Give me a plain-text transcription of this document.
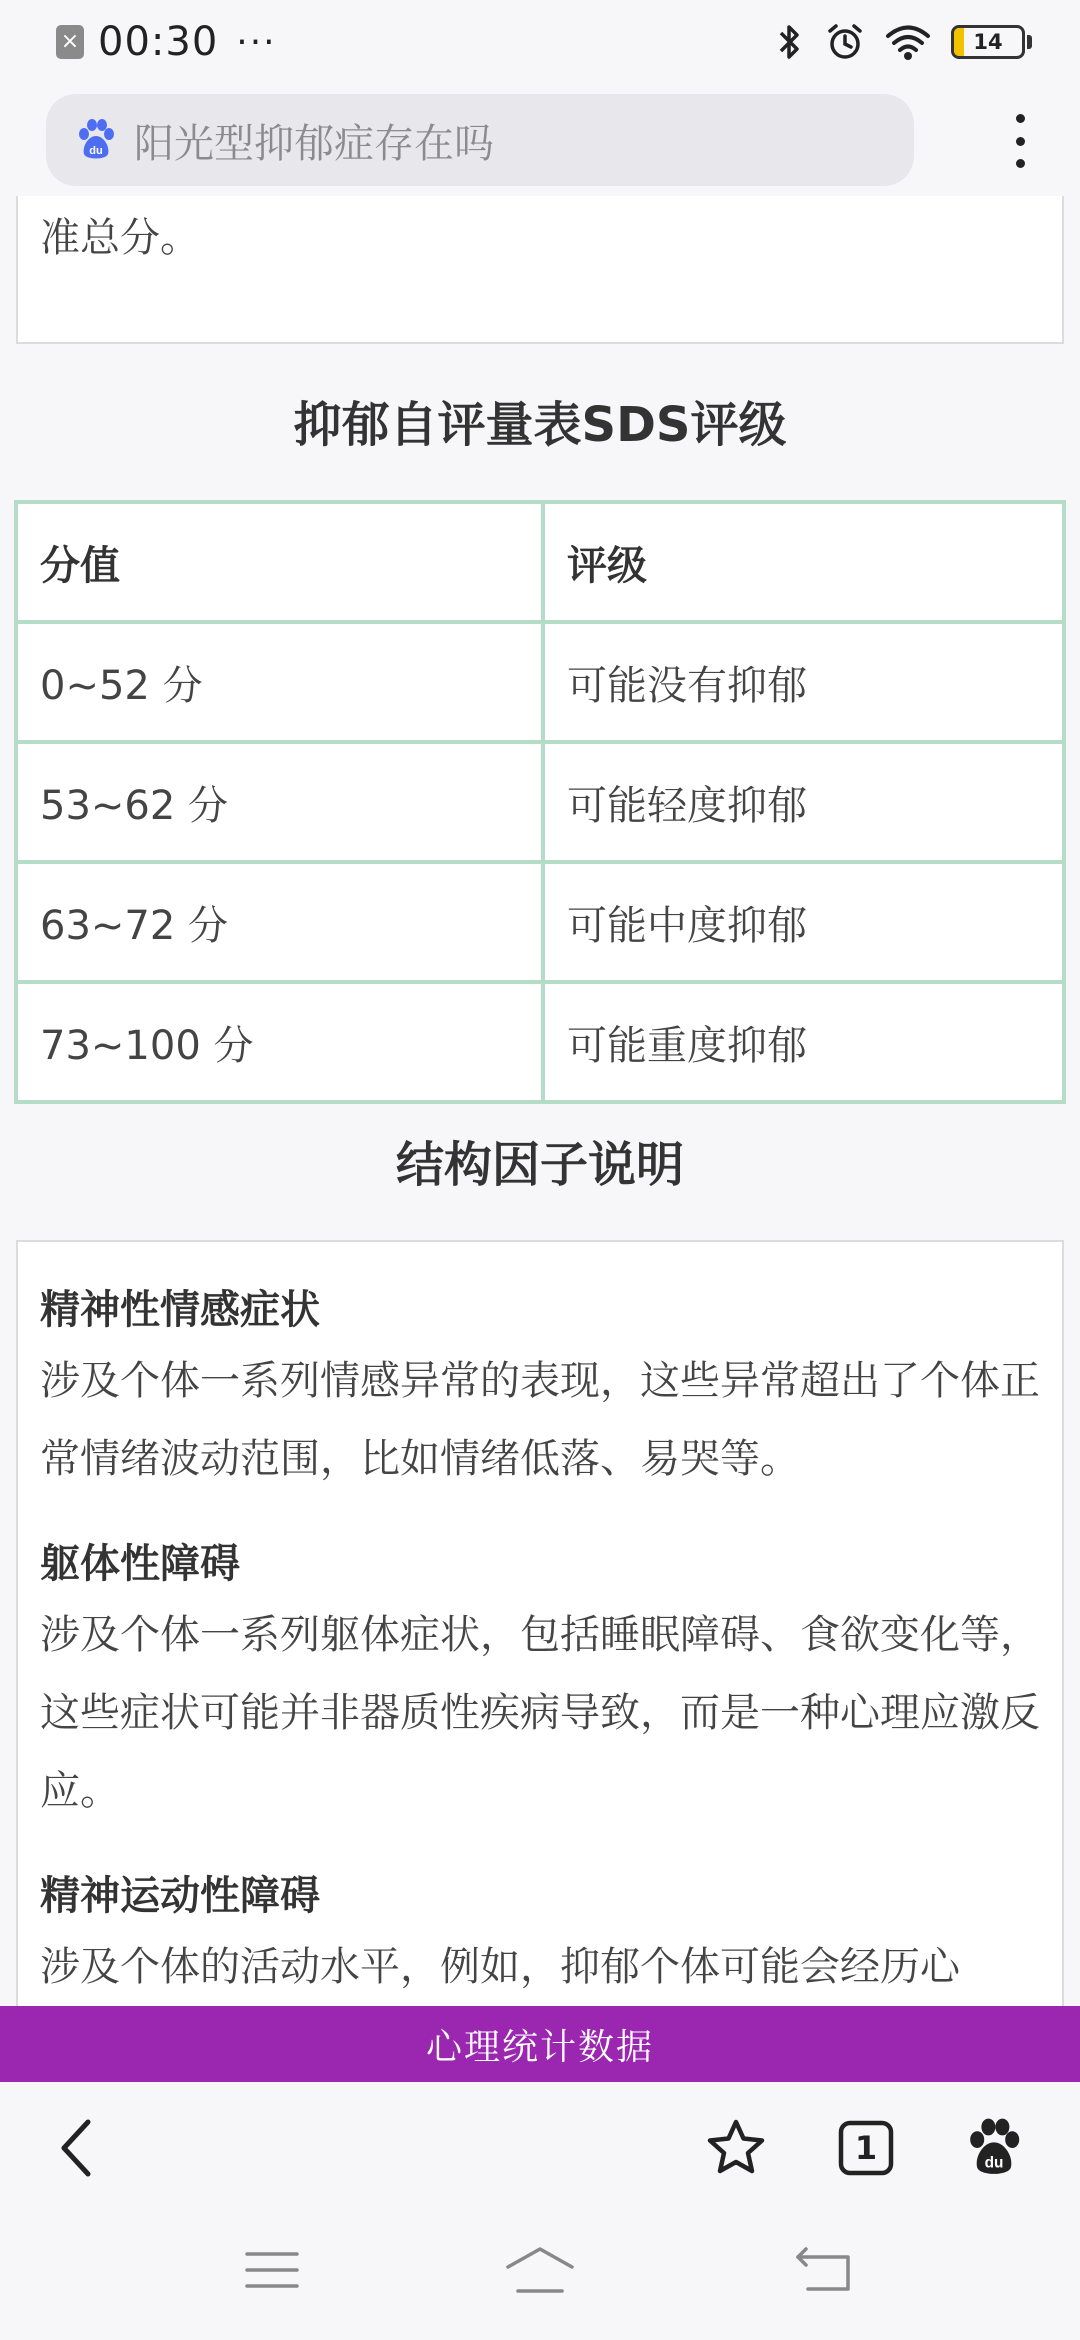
× 00:30 ···	14
du 阳光型抑郁症存在吗

准总分。

抑郁自评量表SDS评级
分值	评级
0~52 分	可能没有抑郁
53~62 分	可能轻度抑郁
63~72 分	可能中度抑郁
73~100 分	可能重度抑郁
结构因子说明
精神性情感症状
涉及个体一系列情感异常的表现，这些异常超出了个体正常情绪波动范围，比如情绪低落、易哭等。
躯体性障碍
涉及个体一系列躯体症状，包括睡眠障碍、食欲变化等，这些症状可能并非器质性疾病导致，而是一种心理应激反应。
精神运动性障碍
涉及个体的活动水平，例如，抑郁个体可能会经历心
心理统计数据
1	du
